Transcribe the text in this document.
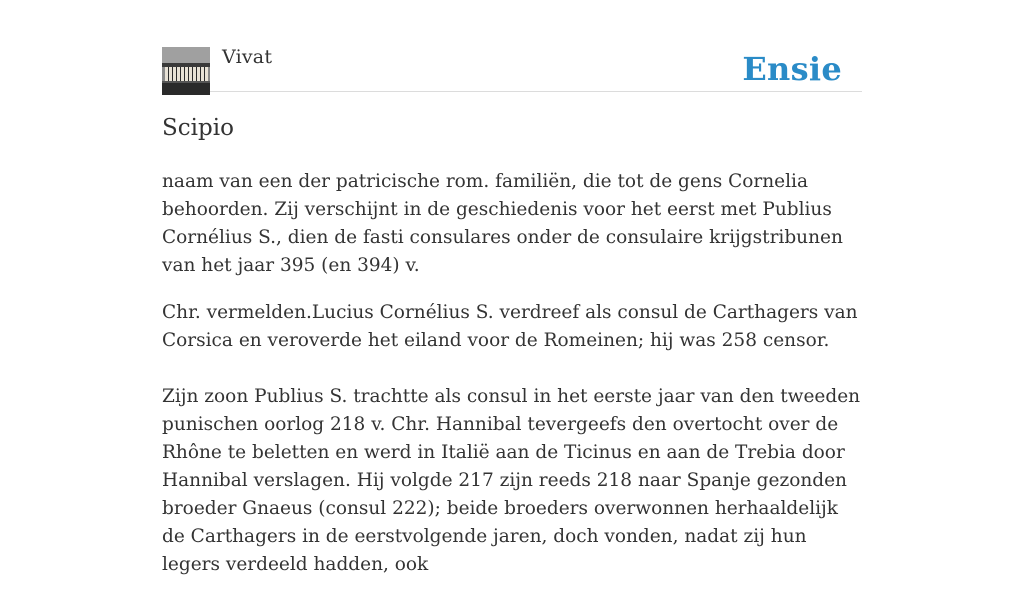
Vivat	Ensie
Scipio

naam van een der patricische rom. familiën, die tot de gens Cornelia behoorden. Zij verschijnt in de geschiedenis voor het eerst met Publius Cornélius S., dien de fasti consulares onder de consulaire krijgstribunen van het jaar 395 (en 394) v.

Chr. vermelden.Lucius Cornélius S. verdreef als consul de Carthagers van Corsica en veroverde het eiland voor de Romeinen; hij was 258 censor.

Zijn zoon Publius S. trachtte als consul in het eerste jaar van den tweeden punischen oorlog 218 v. Chr. Hannibal tevergeefs den overtocht over de Rhône te beletten en werd in Italië aan de Ticinus en aan de Trebia door Hannibal verslagen. Hij volgde 217 zijn reeds 218 naar Spanje gezonden broeder Gnaeus (consul 222); beide broeders overwonnen herhaaldelijk de Carthagers in de eerstvolgende jaren, doch vonden, nadat zij hun legers verdeeld hadden, ook
